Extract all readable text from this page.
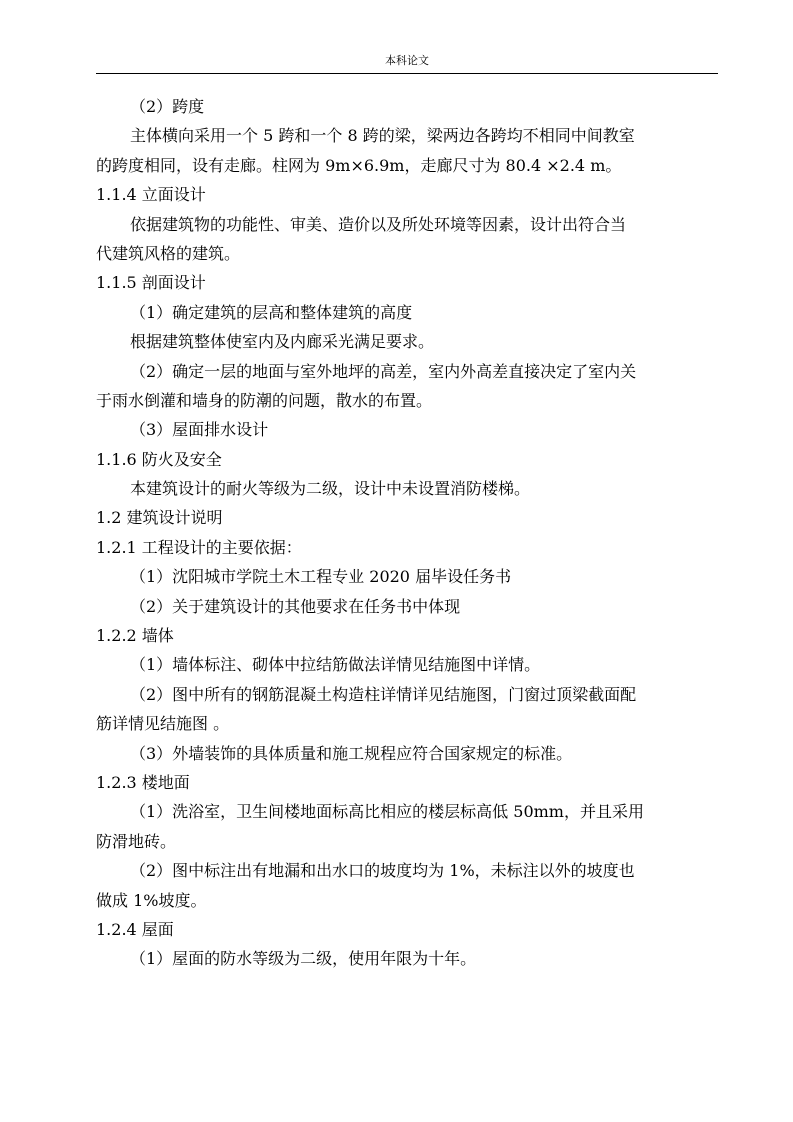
本科论文
（2）跨度
主体横向采用一个 5 跨和一个 8 跨的梁，梁两边各跨均不相同中间教室
的跨度相同，设有走廊。柱网为 9m×6.9m，走廊尺寸为 80.4 ×2.4 m。
1.1.4 立面设计
依据建筑物的功能性、审美、造价以及所处环境等因素，设计出符合当
代建筑风格的建筑。
1.1.5 剖面设计
（1）确定建筑的层高和整体建筑的高度
根据建筑整体使室内及内廊采光满足要求。
（2）确定一层的地面与室外地坪的高差，室内外高差直接决定了室内关
于雨水倒灌和墙身的防潮的问题，散水的布置。
（3）屋面排水设计
1.1.6 防火及安全
本建筑设计的耐火等级为二级，设计中未设置消防楼梯。
1.2 建筑设计说明
1.2.1 工程设计的主要依据：
（1）沈阳城市学院土木工程专业 2020 届毕设任务书
（2）关于建筑设计的其他要求在任务书中体现
1.2.2 墙体
（1）墙体标注、砌体中拉结筋做法详情见结施图中详情。
（2）图中所有的钢筋混凝土构造柱详情详见结施图，门窗过顶梁截面配
筋详情见结施图 。
（3）外墙装饰的具体质量和施工规程应符合国家规定的标准。
1.2.3 楼地面
（1）洗浴室，卫生间楼地面标高比相应的楼层标高低 50mm，并且采用
防滑地砖。
（2）图中标注出有地漏和出水口的坡度均为 1%，未标注以外的坡度也
做成 1%坡度。
1.2.4 屋面
（1）屋面的防水等级为二级，使用年限为十年。
